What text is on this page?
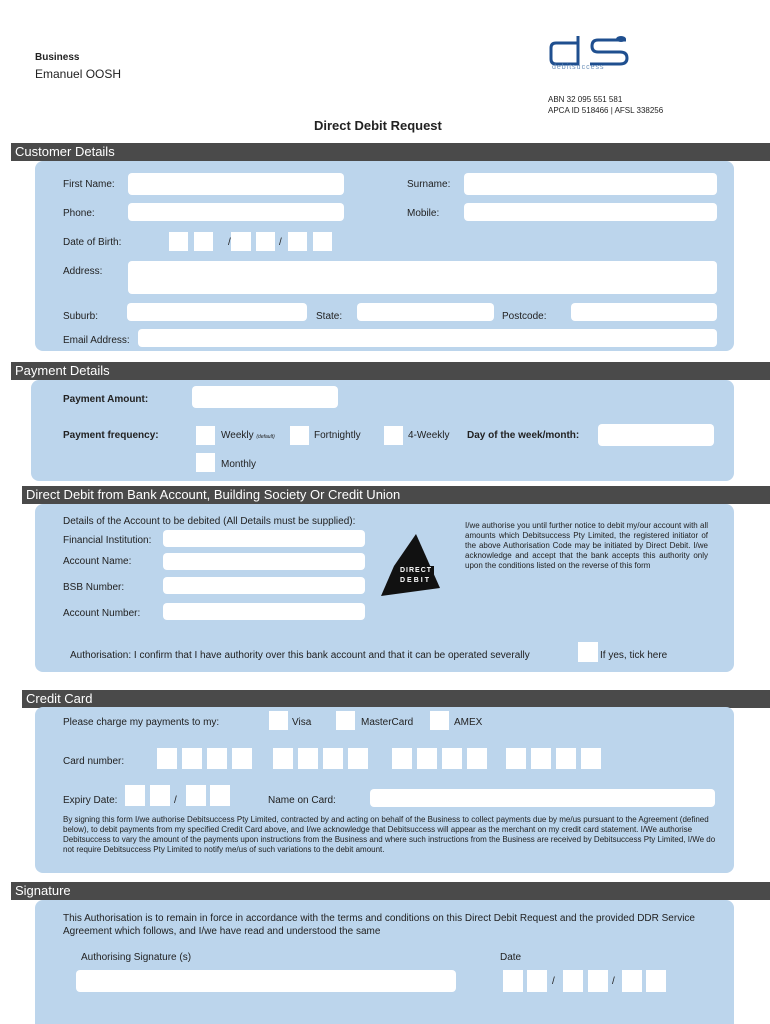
Business
Emanuel OOSH	debitsuccess
ABN 32 095 551 581
APCA ID 518466 | AFSL 338256
Direct Debit Request
Customer Details
First Name:	Surname:
Phone:	Mobile:
Date of Birth:	/	/
Address:
Suburb:	State:	Postcode:
Email Address:
Payment Details
Payment Amount:
Payment frequency:	Weekly (default)	Fortnightly	4-Weekly Day of the week/month:
Monthly
Direct Debit from Bank Account, Building Society Or Credit Union
Details of the Account to be debited (All Details must be supplied):
Financial Institution:
Account Name:
BSB Number:
Account Number:
DIRECT
DEBIT
I/we authorise you until further notice to debit my/our account with all amounts which Debitsuccess Pty Limited, the registered initiator of the above Authorisation Code may be initiated by Direct Debit. I/we acknowledge and accept that the bank accepts this authority only upon the conditions listed on the reverse of this form
Authorisation: I confirm that I have authority over this bank account and that it can be operated severally	If yes, tick here
Credit Card
Please charge my payments to my:	Visa	MasterCard	AMEX
Card number:
Expiry Date:	/	Name on Card:
By signing this form I/we authorise Debitsuccess Pty Limited, contracted by and acting on behalf of the Business to collect payments due by me/us pursuant to the Agreement (defined below), to debit payments from my specified Credit Card above, and I/we acknowledge that Debitsuccess will appear as the merchant on my credit card statement. I/We authorise Debitsuccess to vary the amount of the payments upon instructions from the Business and where such instructions from the Business are received by Debitsuccess Pty Limited, I/We do not require Debitsuccess Pty Limited to notify me/us of such variations to the debit amount.
Signature
This Authorisation is to remain in force in accordance with the terms and conditions on this Direct Debit Request and the provided DDR Service Agreement which follows, and I/we have read and understood the same
Authorising Signature (s)	Date
/	/
